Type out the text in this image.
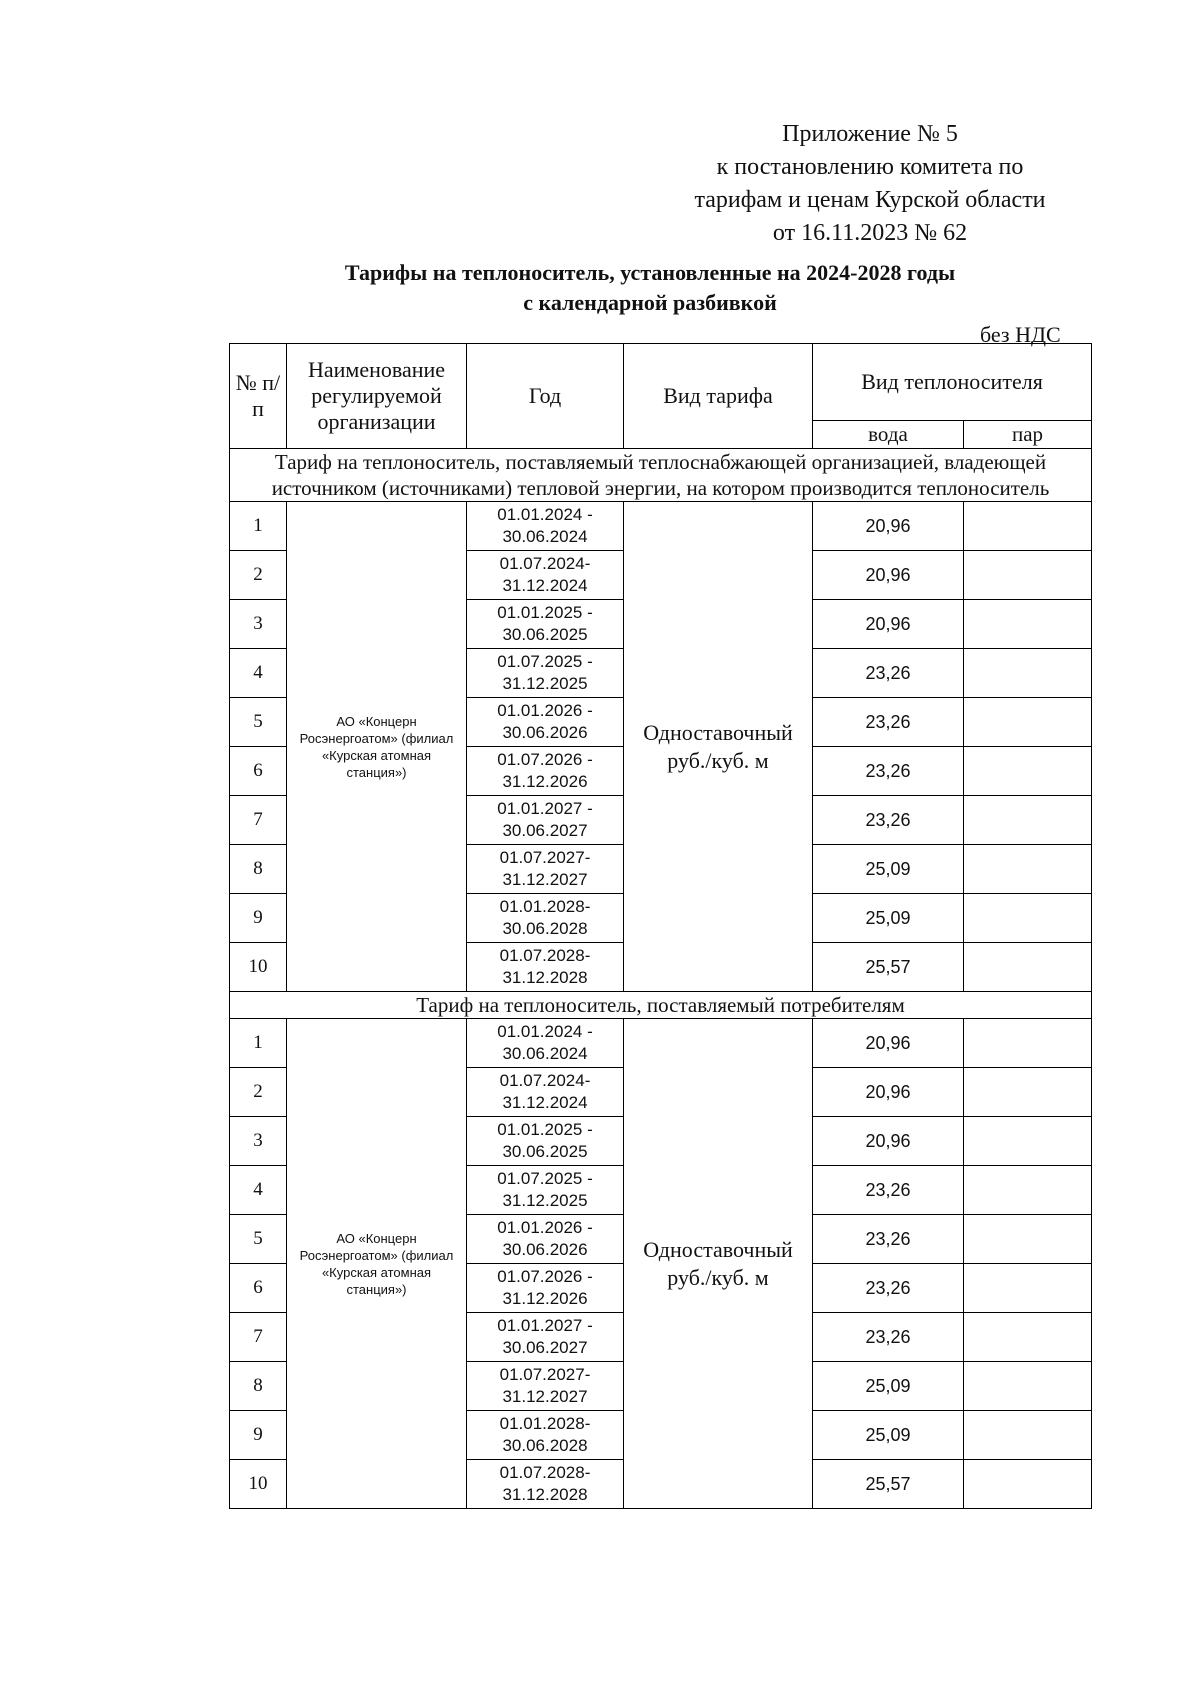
Приложение № 5
к постановлению комитета по
тарифам и ценам Курской области
от 16.11.2023 № 62
Тарифы на теплоноситель, установленные на 2024-2028 годы
с календарной разбивкой
без НДС
№ п/п	Наименование регулируемой организации	Год	Вид тарифа	Вид теплоносителя	
				вода	пар
Тариф на теплоноситель, поставляемый теплоснабжающей организацией, владеющей источником (источниками) тепловой энергии, на котором производится теплоноситель					
1	АО «Концерн Росэнергоатом» (филиал «Курская атомная станция»)	01.01.2024 - 30.06.2024	Одноставочный руб./куб. м	20,96	
2		01.07.2024- 31.12.2024		20,96	
3		01.01.2025 - 30.06.2025		20,96	
4		01.07.2025 - 31.12.2025		23,26	
5		01.01.2026 - 30.06.2026		23,26	
6		01.07.2026 - 31.12.2026		23,26	
7		01.01.2027 - 30.06.2027		23,26	
8		01.07.2027- 31.12.2027		25,09	
9		01.01.2028- 30.06.2028		25,09	
10		01.07.2028- 31.12.2028		25,57	
Тариф на теплоноситель, поставляемый потребителям					
1	АО «Концерн Росэнергоатом» (филиал «Курская атомная станция»)	01.01.2024 - 30.06.2024	Одноставочный руб./куб. м	20,96	
2		01.07.2024- 31.12.2024		20,96	
3		01.01.2025 - 30.06.2025		20,96	
4		01.07.2025 - 31.12.2025		23,26	
5		01.01.2026 - 30.06.2026		23,26	
6		01.07.2026 - 31.12.2026		23,26	
7		01.01.2027 - 30.06.2027		23,26	
8		01.07.2027- 31.12.2027		25,09	
9		01.01.2028- 30.06.2028		25,09	
10		01.07.2028- 31.12.2028		25,57	
